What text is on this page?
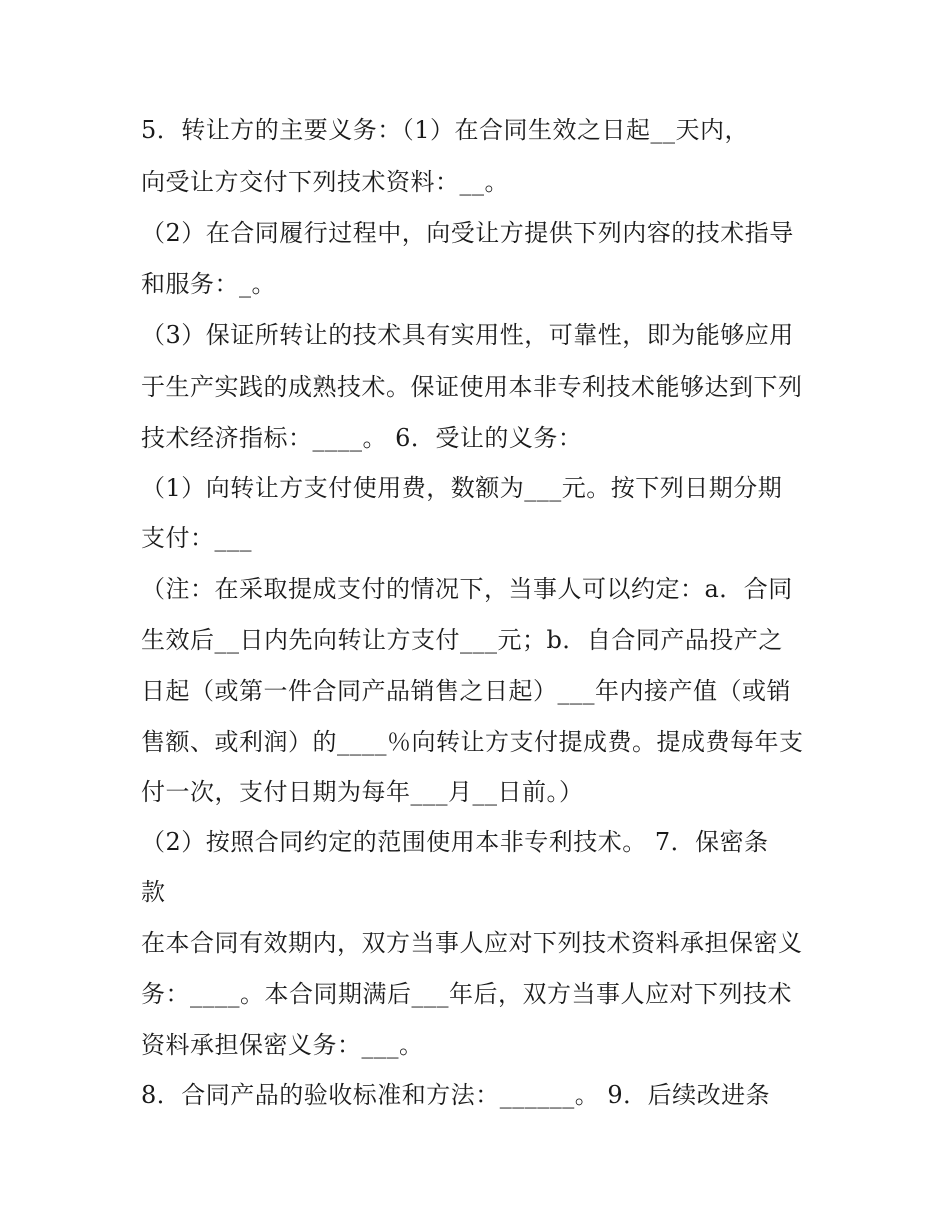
5．转让方的主要义务：（1）在合同生效之日起__天内，
向受让方交付下列技术资料：__。
（2）在合同履行过程中，向受让方提供下列内容的技术指导
和服务：_。
（3）保证所转让的技术具有实用性，可靠性，即为能够应用
于生产实践的成熟技术。保证使用本非专利技术能够达到下列
技术经济指标：____。 6．受让的义务：
（1）向转让方支付使用费，数额为___元。按下列日期分期
支付：___
（注：在采取提成支付的情况下，当事人可以约定：a．合同
生效后__日内先向转让方支付___元；b．自合同产品投产之
日起（或第一件合同产品销售之日起）___年内接产值（或销
售额、或利润）的____％向转让方支付提成费。提成费每年支
付一次，支付日期为每年___月__日前。）
（2）按照合同约定的范围使用本非专利技术。 7．保密条
款
在本合同有效期内，双方当事人应对下列技术资料承担保密义
务：____。本合同期满后___年后，双方当事人应对下列技术
资料承担保密义务：___。
8．合同产品的验收标准和方法：______。 9．后续改进条
